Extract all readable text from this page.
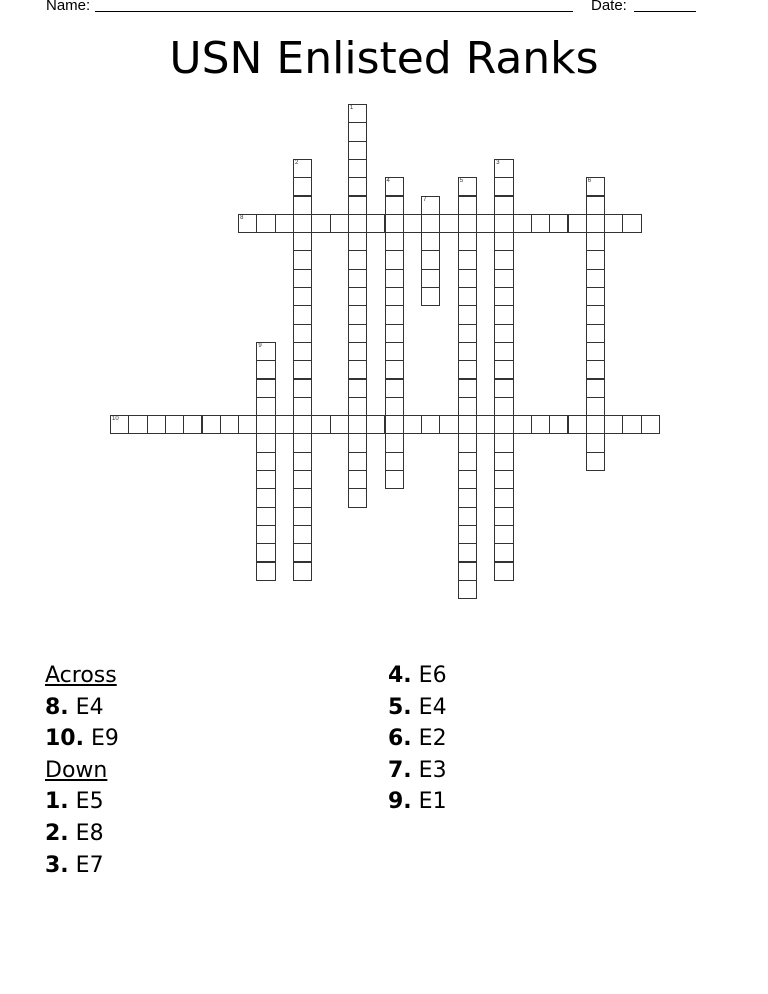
Name:	Date:
USN Enlisted Ranks
1
2	3
4	5	6
7
8
9
10
Across
8. E4
10. E9
Down
1. E5
2. E8
3. E7
4. E6
5. E4
6. E2
7. E3
9. E1
